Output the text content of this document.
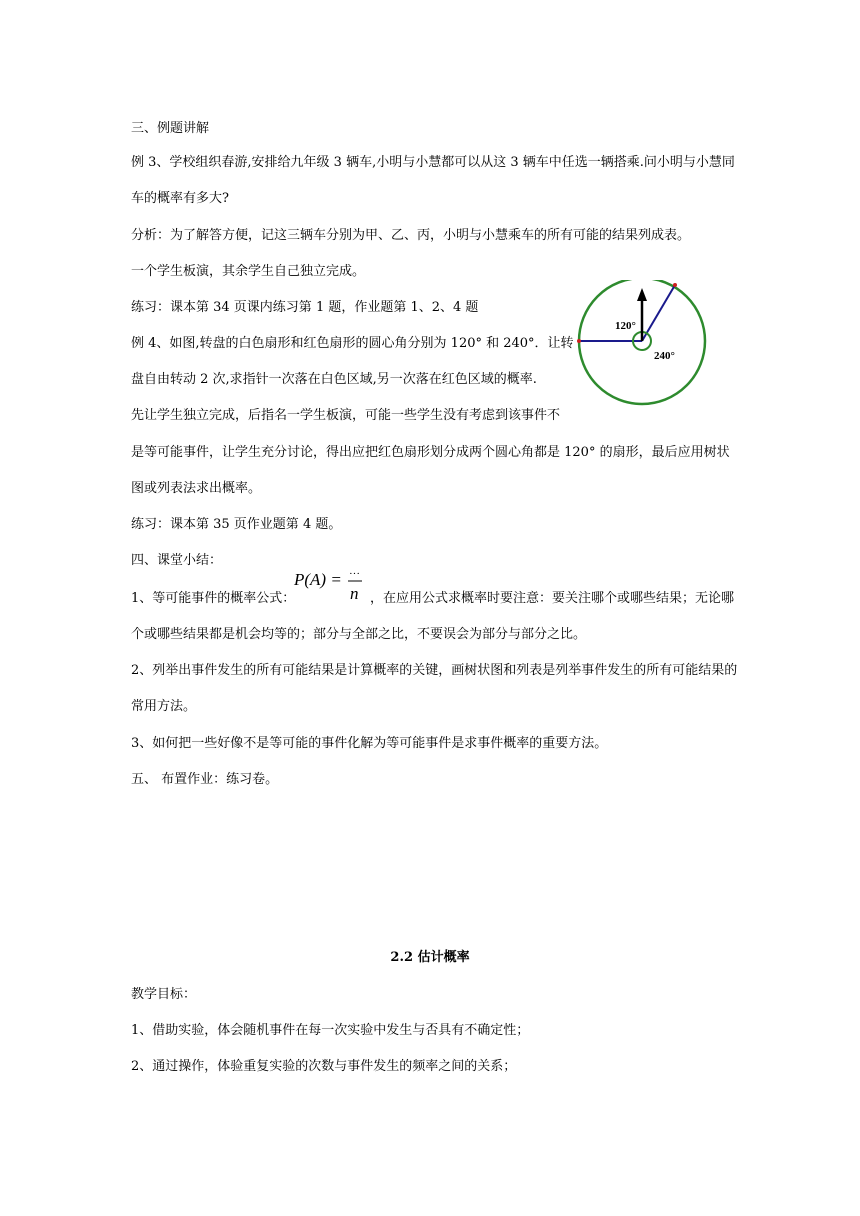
三、例题讲解
例 3、学校组织春游,安排给九年级 3 辆车,小明与小慧都可以从这 3 辆车中任选一辆搭乘.问小明与小慧同
车的概率有多大?
分析：为了解答方便，记这三辆车分别为甲、乙、丙，小明与小慧乘车的所有可能的结果列成表。
一个学生板演，其余学生自己独立完成。
练习：课本第 34 页课内练习第 1 题，作业题第 1、2、4 题
例 4、如图,转盘的白色扇形和红色扇形的圆心角分别为 120° 和 240°．让转
盘自由转动 2 次,求指针一次落在白色区域,另一次落在红色区域的概率.
先让学生独立完成，后指名一学生板演，可能一些学生没有考虑到该事件不
是等可能事件，让学生充分讨论，得出应把红色扇形划分成两个圆心角都是 120° 的扇形，最后应用树状
图或列表法求出概率。
练习：课本第 35 页作业题第 4 题。
120°
240°
四、课堂小结：
1、等可能事件的概率公式：
P(A) = ···
n ，在应用公式求概率时要注意：要关注哪个或哪些结果；无论哪
个或哪些结果都是机会均等的；部分与全部之比，不要误会为部分与部分之比。
2、列举出事件发生的所有可能结果是计算概率的关键，画树状图和列表是列举事件发生的所有可能结果的
常用方法。
3、如何把一些好像不是等可能的事件化解为等可能事件是求事件概率的重要方法。
五、 布置作业：练习卷。
2.2 估计概率
教学目标：
1、借助实验，体会随机事件在每一次实验中发生与否具有不确定性；
2、通过操作，体验重复实验的次数与事件发生的频率之间的关系；
